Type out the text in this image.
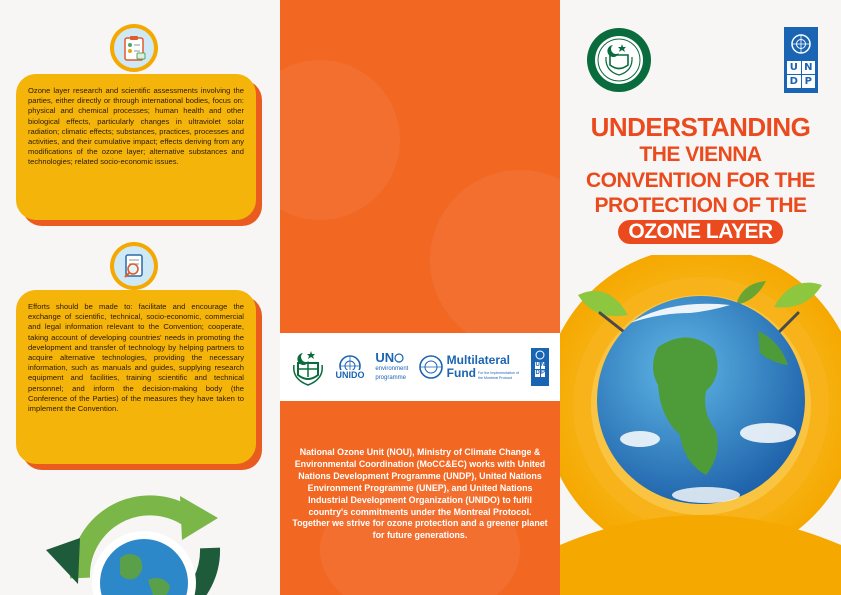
Ozone layer research and scientific assessments involving the parties, either directly or through international bodies, focus on: physical and chemical processes; human health and other biological effects, particularly changes in ultraviolet solar radiation; climatic effects; substances, practices, processes and activities, and their cumulative impact; effects deriving from any modifications of the ozone layer; alternative substances and technologies; related socio-economic issues.

Efforts should be made to: facilitate and encourage the exchange of scientific, technical, socio-economic, commercial and legal information relevant to the Convention; cooperate, taking account of developing countries' needs in promoting the development and transfer of technology by helping partners to acquire alternative technologies, providing the necessary information, such as manuals and guides, supplying research equipment and facilities, training scientific and technical personnel; and inform the decision-making body (the Conference of the Parties) of the measures they have taken to implement the Convention.

UNIDO
UN
environment
programme
Multilateral
Fund For the Implementation of the Montreal Protocol
U N
D P

National Ozone Unit (NOU), Ministry of Climate Change & Environmental Coordination (MoCC&EC) works with United Nations Development Programme (UNDP), United Nations Environment Programme (UNEP), and United Nations Industrial Development Organization (UNIDO) to fulfil country's commitments under the Montreal Protocol. Together we strive for ozone protection and a greener planet for future generations.

U N
D P
UNDERSTANDING
THE VIENNA
CONVENTION FOR THE
PROTECTION OF THE
OZONE LAYER
